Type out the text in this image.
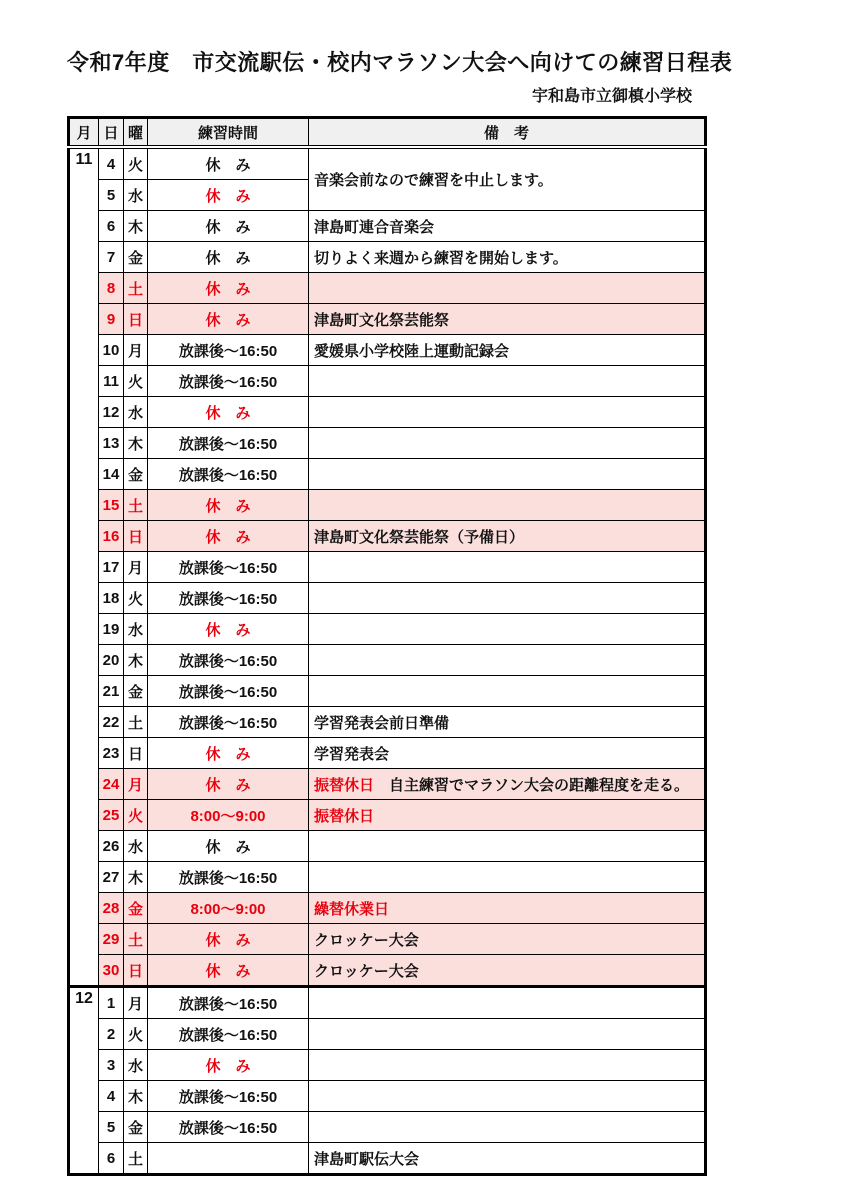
令和7年度　市交流駅伝・校内マラソン大会へ向けての練習日程表
宇和島市立御槙小学校
月	日	曜	練習時間	備　考
11	4	火	休　み	音楽会前なので練習を中止します。
	5	水	休　み	
	6	木	休　み	津島町連合音楽会
	7	金	休　み	切りよく来週から練習を開始します。
	8	土	休　み	
	9	日	休　み	津島町文化祭芸能祭
	10	月	放課後～16:50	愛媛県小学校陸上運動記録会
	11	火	放課後～16:50	
	12	水	休　み	
	13	木	放課後～16:50	
	14	金	放課後～16:50	
	15	土	休　み	
	16	日	休　み	津島町文化祭芸能祭（予備日）
	17	月	放課後～16:50	
	18	火	放課後～16:50	
	19	水	休　み	
	20	木	放課後～16:50	
	21	金	放課後～16:50	
	22	土	放課後～16:50	学習発表会前日準備
	23	日	休　み	学習発表会
	24	月	休　み	振替休日　自主練習でマラソン大会の距離程度を走る。
	25	火	8:00～9:00	振替休日
	26	水	休　み	
	27	木	放課後～16:50	
	28	金	8:00～9:00	繰替休業日
	29	土	休　み	クロッケー大会
	30	日	休　み	クロッケー大会
12	1	月	放課後～16:50	
	2	火	放課後～16:50	
	3	水	休　み	
	4	木	放課後～16:50	
	5	金	放課後～16:50	
	6	土		津島町駅伝大会
